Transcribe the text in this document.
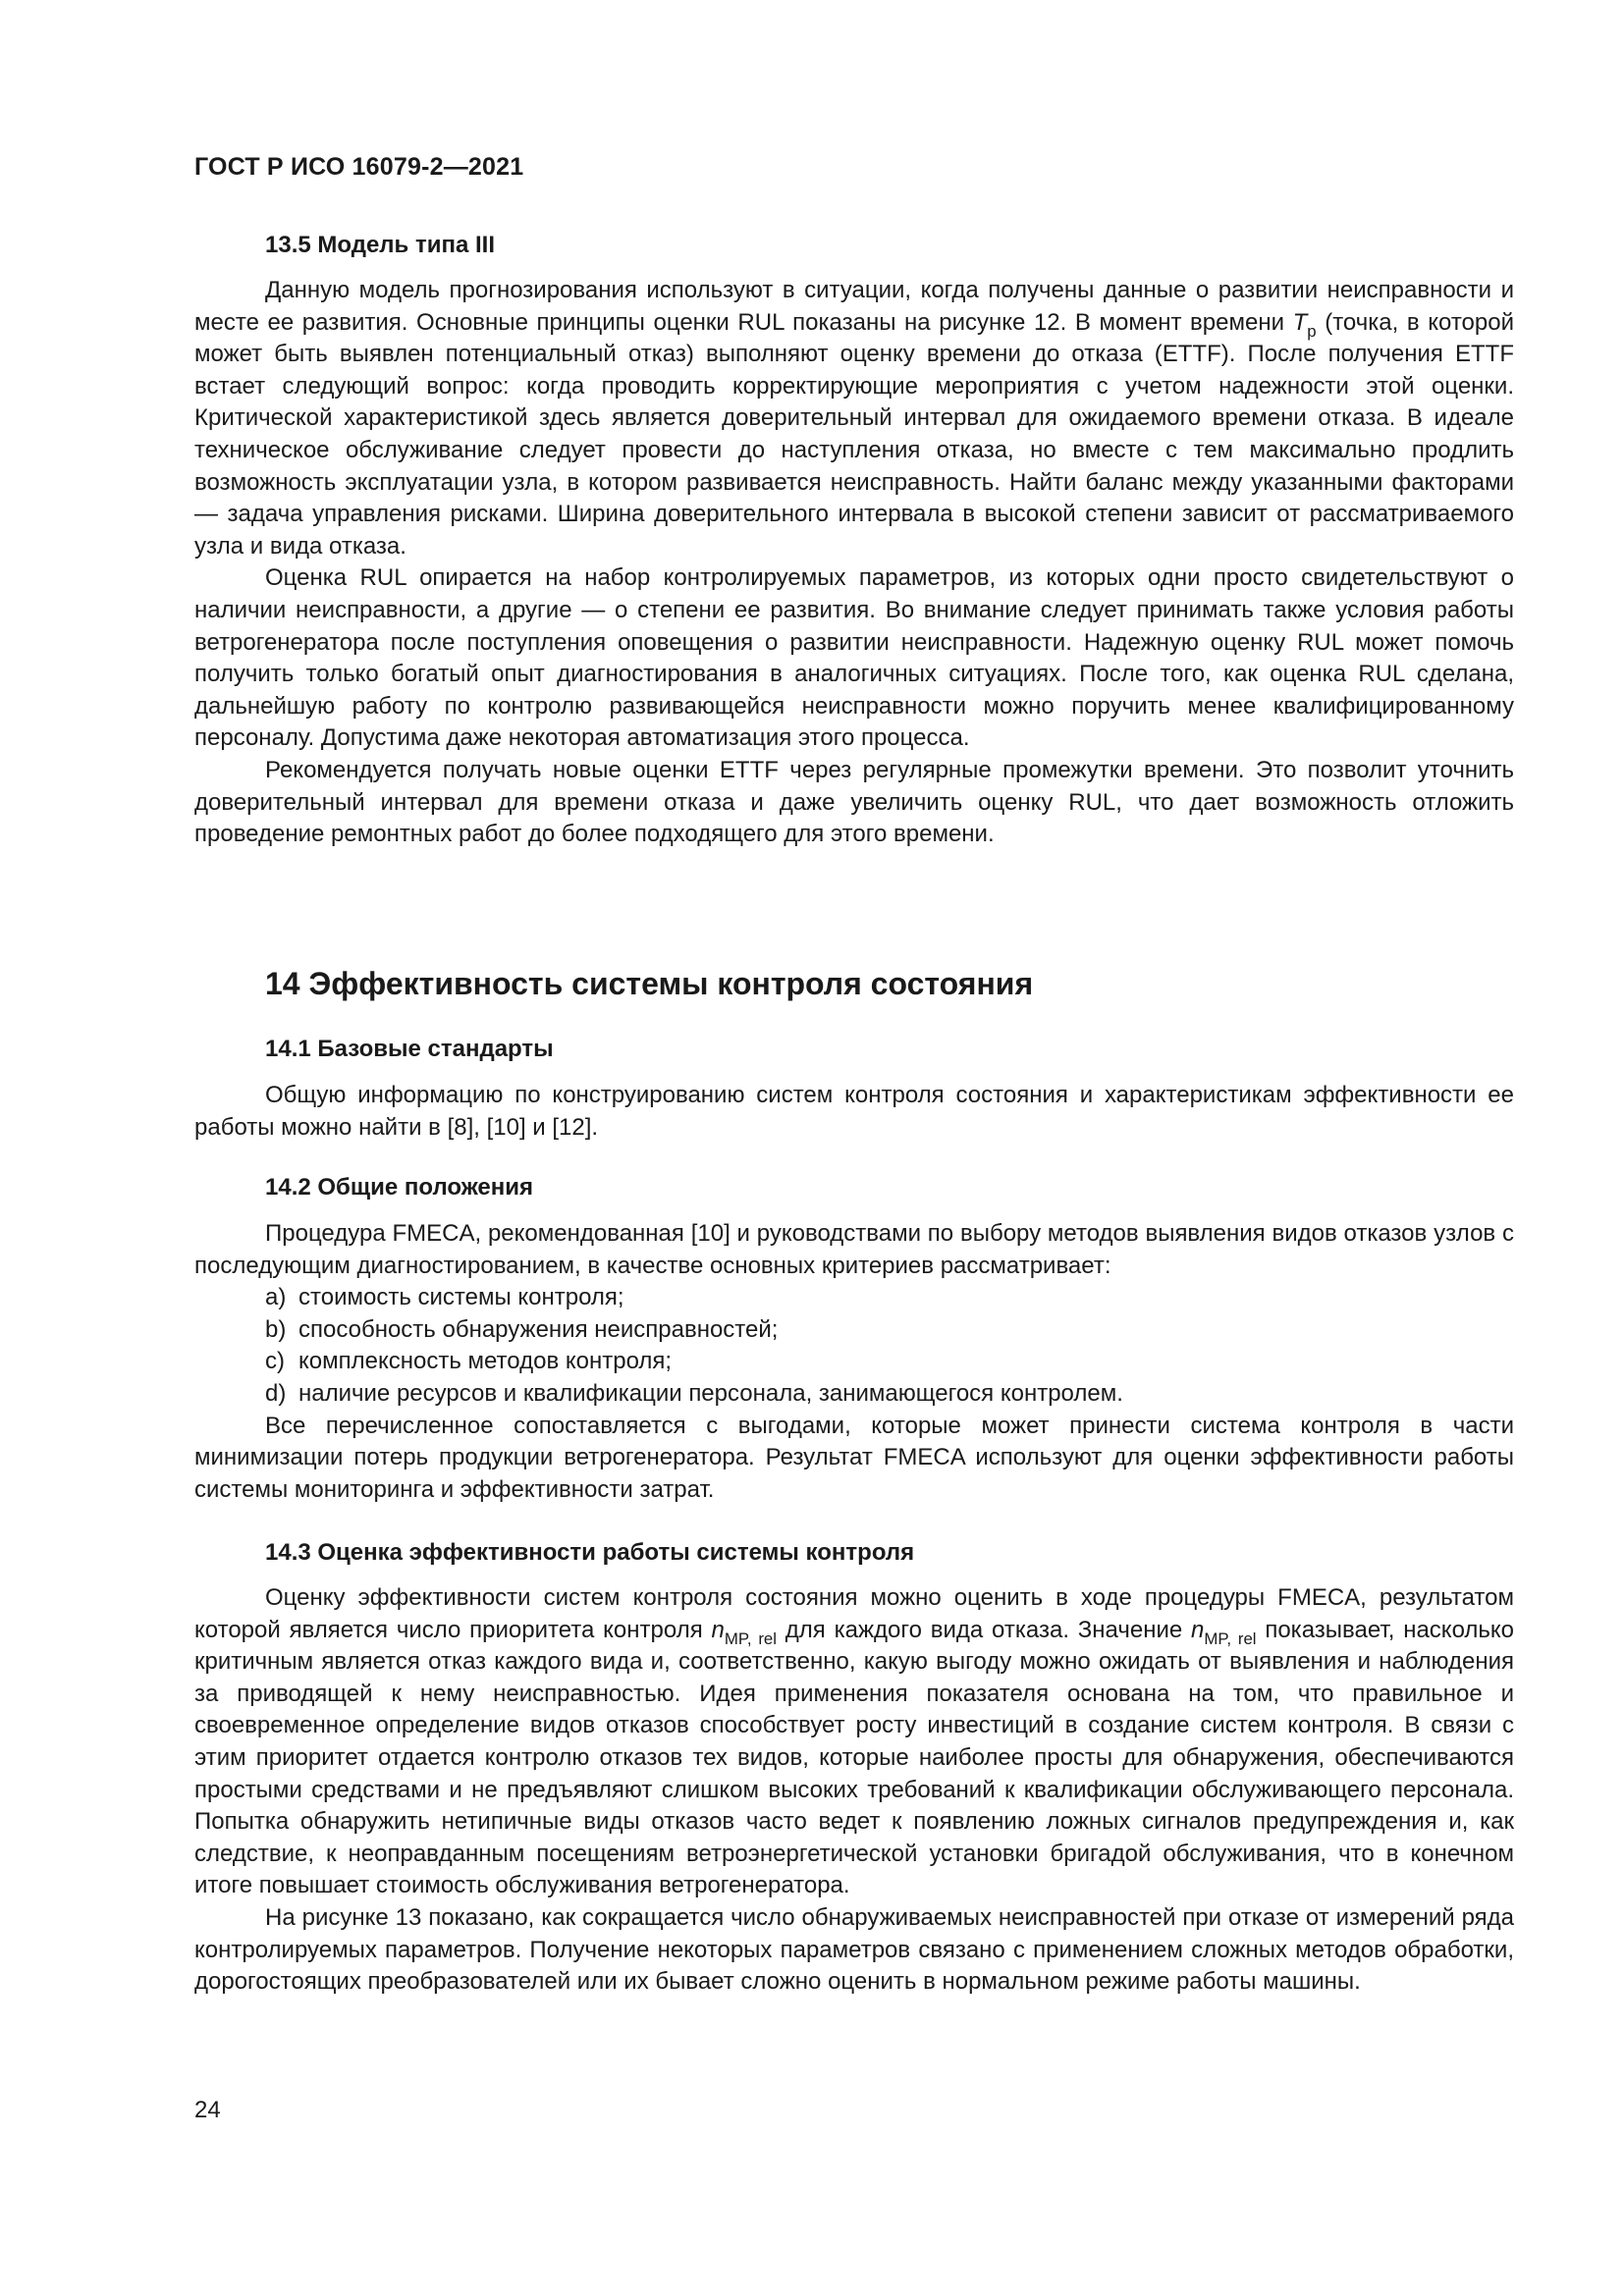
ГОСТ Р ИСО 16079-2—2021
13.5 Модель типа III

Данную модель прогнозирования используют в ситуации, когда получены данные о развитии неисправности и месте ее развития. Основные принципы оценки RUL показаны на рисунке 12. В момент времени $T_p$ (точка, в которой может быть выявлен потенциальный отказ) выполняют оценку времени до отказа (ETTF). После получения ETTF встает следующий вопрос: когда проводить корректирующие мероприятия с учетом надежности этой оценки. Критической характеристикой здесь является доверительный интервал для ожидаемого времени отказа. В идеале техническое обслуживание следует провести до наступления отказа, но вместе с тем максимально продлить возможность эксплуатации узла, в котором развивается неисправность. Найти баланс между указанными факторами — задача управления рисками. Ширина доверительного интервала в высокой степени зависит от рассматриваемого узла и вида отказа.

Оценка RUL опирается на набор контролируемых параметров, из которых одни просто свидетельствуют о наличии неисправности, а другие — о степени ее развития. Во внимание следует принимать также условия работы ветрогенератора после поступления оповещения о развитии неисправности. Надежную оценку RUL может помочь получить только богатый опыт диагностирования в аналогичных ситуациях. После того, как оценка RUL сделана, дальнейшую работу по контролю развивающейся неисправности можно поручить менее квалифицированному персоналу. Допустима даже некоторая автоматизация этого процесса.

Рекомендуется получать новые оценки ETTF через регулярные промежутки времени. Это позволит уточнить доверительный интервал для времени отказа и даже увеличить оценку RUL, что дает возможность отложить проведение ремонтных работ до более подходящего для этого времени.

14 Эффективность системы контроля состояния
14.1 Базовые стандарты

Общую информацию по конструированию систем контроля состояния и характеристикам эффективности ее работы можно найти в [8], [10] и [12].

14.2 Общие положения

Процедура FMECA, рекомендованная [10] и руководствами по выбору методов выявления видов отказов узлов с последующим диагностированием, в качестве основных критериев рассматривает:

a) стоимость системы контроля;

b) способность обнаружения неисправностей;

c) комплексность методов контроля;

d) наличие ресурсов и квалификации персонала, занимающегося контролем.

Все перечисленное сопоставляется с выгодами, которые может принести система контроля в части минимизации потерь продукции ветрогенератора. Результат FMECA используют для оценки эффективности работы системы мониторинга и эффективности затрат.

14.3 Оценка эффективности работы системы контроля

Оценку эффективности систем контроля состояния можно оценить в ходе процедуры FMECA, результатом которой является число приоритета контроля $n_{MP, rel}$ для каждого вида отказа. Значение $n_{MP, rel}$ показывает, насколько критичным является отказ каждого вида и, соответственно, какую выгоду можно ожидать от выявления и наблюдения за приводящей к нему неисправностью. Идея применения показателя основана на том, что правильное и своевременное определение видов отказов способствует росту инвестиций в создание систем контроля. В связи с этим приоритет отдается контролю отказов тех видов, которые наиболее просты для обнаружения, обеспечиваются простыми средствами и не предъявляют слишком высоких требований к квалификации обслуживающего персонала. Попытка обнаружить нетипичные виды отказов часто ведет к появлению ложных сигналов предупреждения и, как следствие, к неоправданным посещениям ветроэнергетической установки бригадой обслуживания, что в конечном итоге повышает стоимость обслуживания ветрогенератора.

На рисунке 13 показано, как сокращается число обнаруживаемых неисправностей при отказе от измерений ряда контролируемых параметров. Получение некоторых параметров связано с применением сложных методов обработки, дорогостоящих преобразователей или их бывает сложно оценить в нормальном режиме работы машины.

24
